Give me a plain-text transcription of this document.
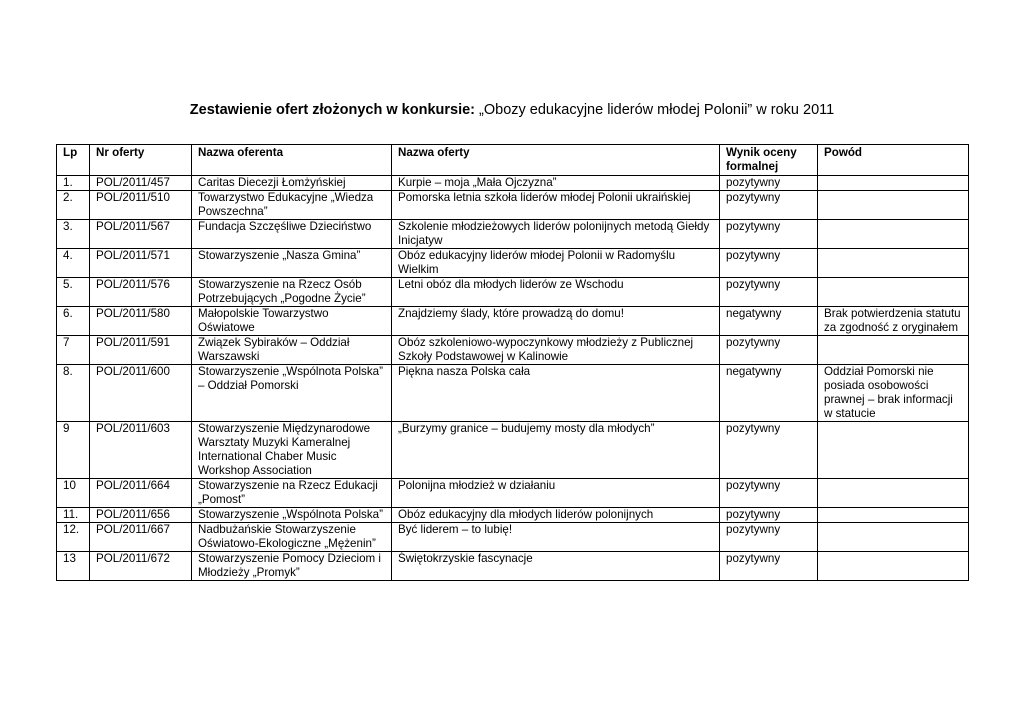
Zestawienie ofert złożonych w konkursie: „Obozy edukacyjne liderów młodej Polonii” w roku 2011
Lp	Nr oferty	Nazwa oferenta	Nazwa oferty	Wynik oceny formalnej	Powód
1.	POL/2011/457	Caritas Diecezji Łomżyńskiej	Kurpie – moja „Mała Ojczyzna”	pozytywny	
2.	POL/2011/510	Towarzystwo Edukacyjne „Wiedza Powszechna”	Pomorska letnia szkoła liderów młodej Polonii ukraińskiej	pozytywny	
3.	POL/2011/567	Fundacja Szczęśliwe Dzieciństwo	Szkolenie młodzieżowych liderów polonijnych metodą Giełdy Inicjatyw	pozytywny	
4.	POL/2011/571	Stowarzyszenie „Nasza Gmina”	Obóz edukacyjny liderów młodej Polonii w Radomyślu Wielkim	pozytywny	
5.	POL/2011/576	Stowarzyszenie na Rzecz Osób Potrzebujących „Pogodne Życie”	Letni obóz dla młodych liderów ze Wschodu	pozytywny	
6.	POL/2011/580	Małopolskie Towarzystwo Oświatowe	Znajdziemy ślady, które prowadzą do domu!	negatywny	Brak potwierdzenia statutu za zgodność z oryginałem
7	POL/2011/591	Związek Sybiraków – Oddział Warszawski	Obóz szkoleniowo-wypoczynkowy młodzieży z Publicznej Szkoły Podstawowej w Kalinowie	pozytywny	
8.	POL/2011/600	Stowarzyszenie „Wspólnota Polska” – Oddział Pomorski	Piękna nasza Polska cała	negatywny	Oddział Pomorski nie posiada osobowości prawnej – brak informacji w statucie
9	POL/2011/603	Stowarzyszenie Międzynarodowe Warsztaty Muzyki Kameralnej International Chaber Music Workshop Association	„Burzymy granice – budujemy mosty dla młodych”	pozytywny	
10	POL/2011/664	Stowarzyszenie na Rzecz Edukacji „Pomost”	Polonijna młodzież w działaniu	pozytywny	
11.	POL/2011/656	Stowarzyszenie „Wspólnota Polska”	Obóz edukacyjny dla młodych liderów polonijnych	pozytywny	
12.	POL/2011/667	Nadbużańskie Stowarzyszenie Oświatowo-Ekologiczne „Mężenin”	Być liderem – to lubię!	pozytywny	
13	POL/2011/672	Stowarzyszenie Pomocy Dzieciom i Młodzieży „Promyk”	Świętokrzyskie fascynacje	pozytywny	
